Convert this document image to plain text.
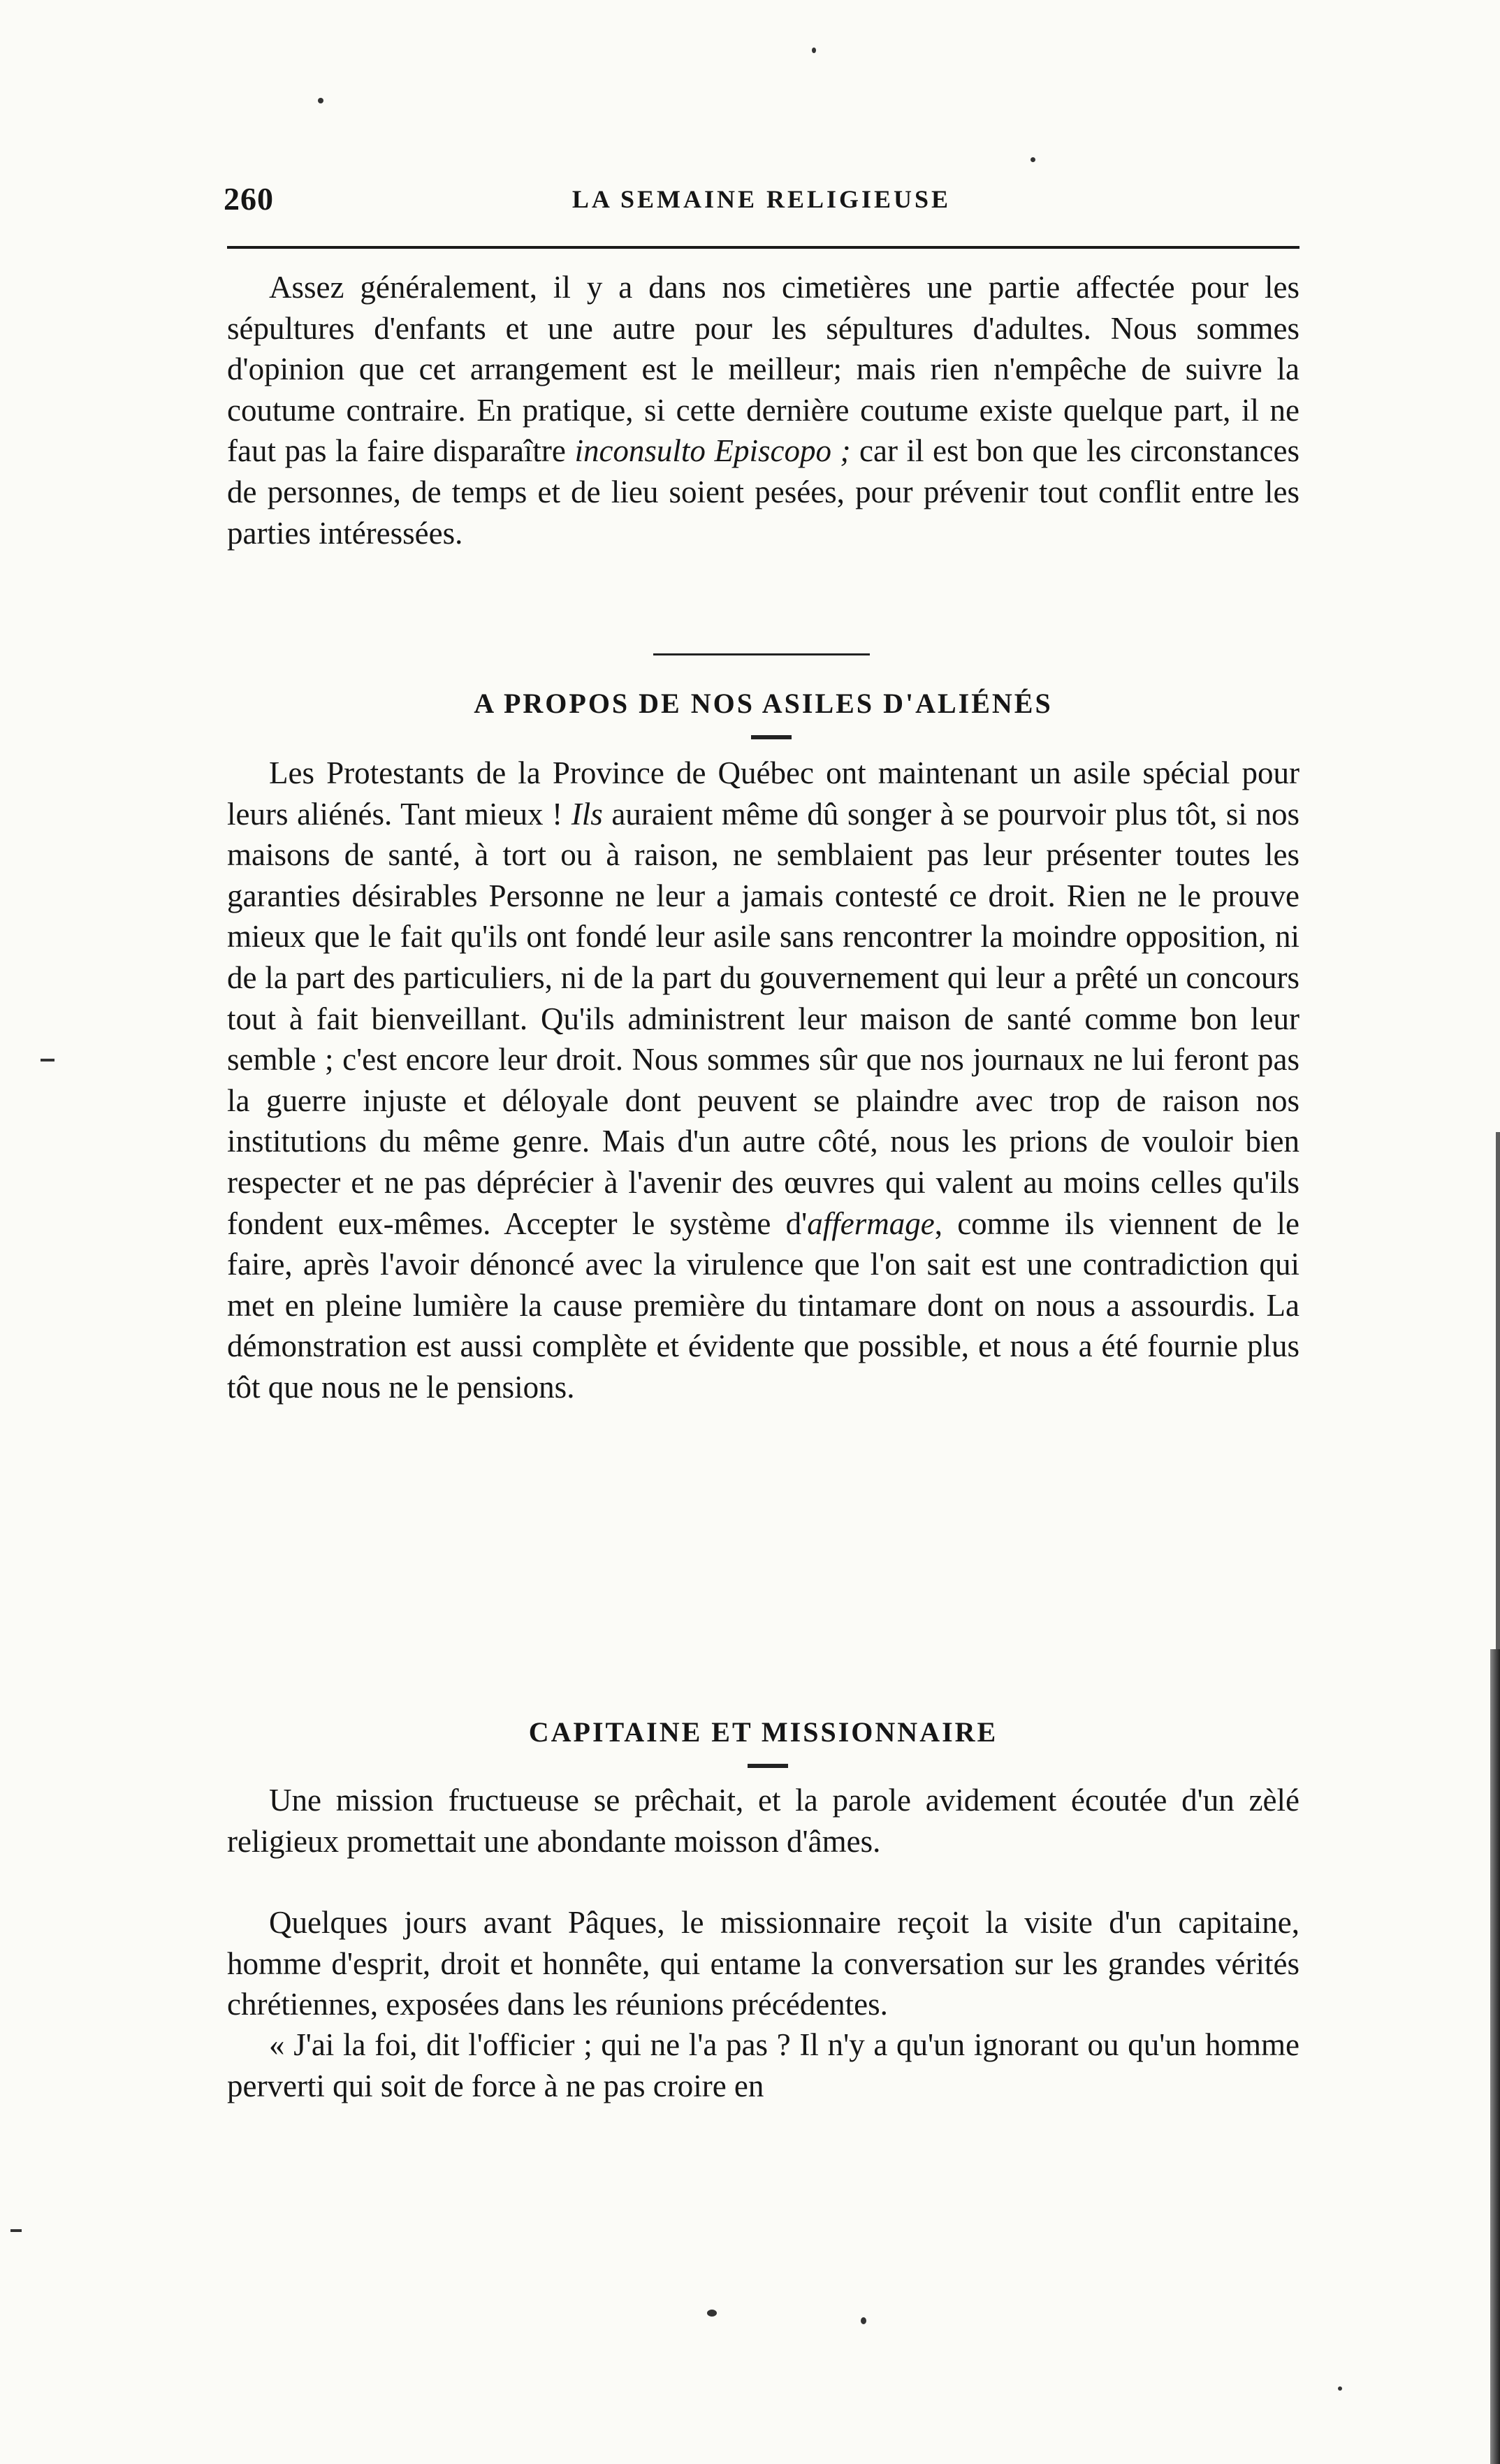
260	LA SEMAINE RELIGIEUSE

Assez généralement, il y a dans nos cimetières une partie affectée pour les sépultures d'enfants et une autre pour les sépultures d'adultes. Nous sommes d'opinion que cet arrangement est le meilleur; mais rien n'empêche de suivre la coutume contraire. En pratique, si cette dernière coutume existe quelque part, il ne faut pas la faire disparaître inconsulto Episcopo ; car il est bon que les circonstances de personnes, de temps et de lieu soient pesées, pour prévenir tout conflit entre les parties intéressées.

A PROPOS DE NOS ASILES D'ALIÉNÉS

Les Protestants de la Province de Québec ont maintenant un asile spécial pour leurs aliénés. Tant mieux ! Ils auraient même dû songer à se pourvoir plus tôt, si nos maisons de santé, à tort ou à raison, ne semblaient pas leur présenter toutes les garanties désirables Personne ne leur a jamais contesté ce droit. Rien ne le prouve mieux que le fait qu'ils ont fondé leur asile sans rencontrer la moindre opposition, ni de la part des particuliers, ni de la part du gouvernement qui leur a prêté un concours tout à fait bienveillant. Qu'ils administrent leur maison de santé comme bon leur semble ; c'est encore leur droit. Nous sommes sûr que nos journaux ne lui feront pas la guerre injuste et déloyale dont peuvent se plaindre avec trop de raison nos institutions du même genre. Mais d'un autre côté, nous les prions de vouloir bien respecter et ne pas déprécier à l'avenir des œuvres qui valent au moins celles qu'ils fondent eux-mêmes. Accepter le système d'affermage, comme ils viennent de le faire, après l'avoir dénoncé avec la virulence que l'on sait est une contradiction qui met en pleine lumière la cause première du tintamare dont on nous a assourdis. La démonstration est aussi complète et évidente que possible, et nous a été fournie plus tôt que nous ne le pensions.

CAPITAINE ET MISSIONNAIRE

Une mission fructueuse se prêchait, et la parole avidement écoutée d'un zèlé religieux promettait une abondante moisson d'âmes.

Quelques jours avant Pâques, le missionnaire reçoit la visite d'un capitaine, homme d'esprit, droit et honnête, qui entame la conversation sur les grandes vérités chrétiennes, exposées dans les réunions précédentes.

« J'ai la foi, dit l'officier ; qui ne l'a pas ? Il n'y a qu'un ignorant ou qu'un homme perverti qui soit de force à ne pas croire en
